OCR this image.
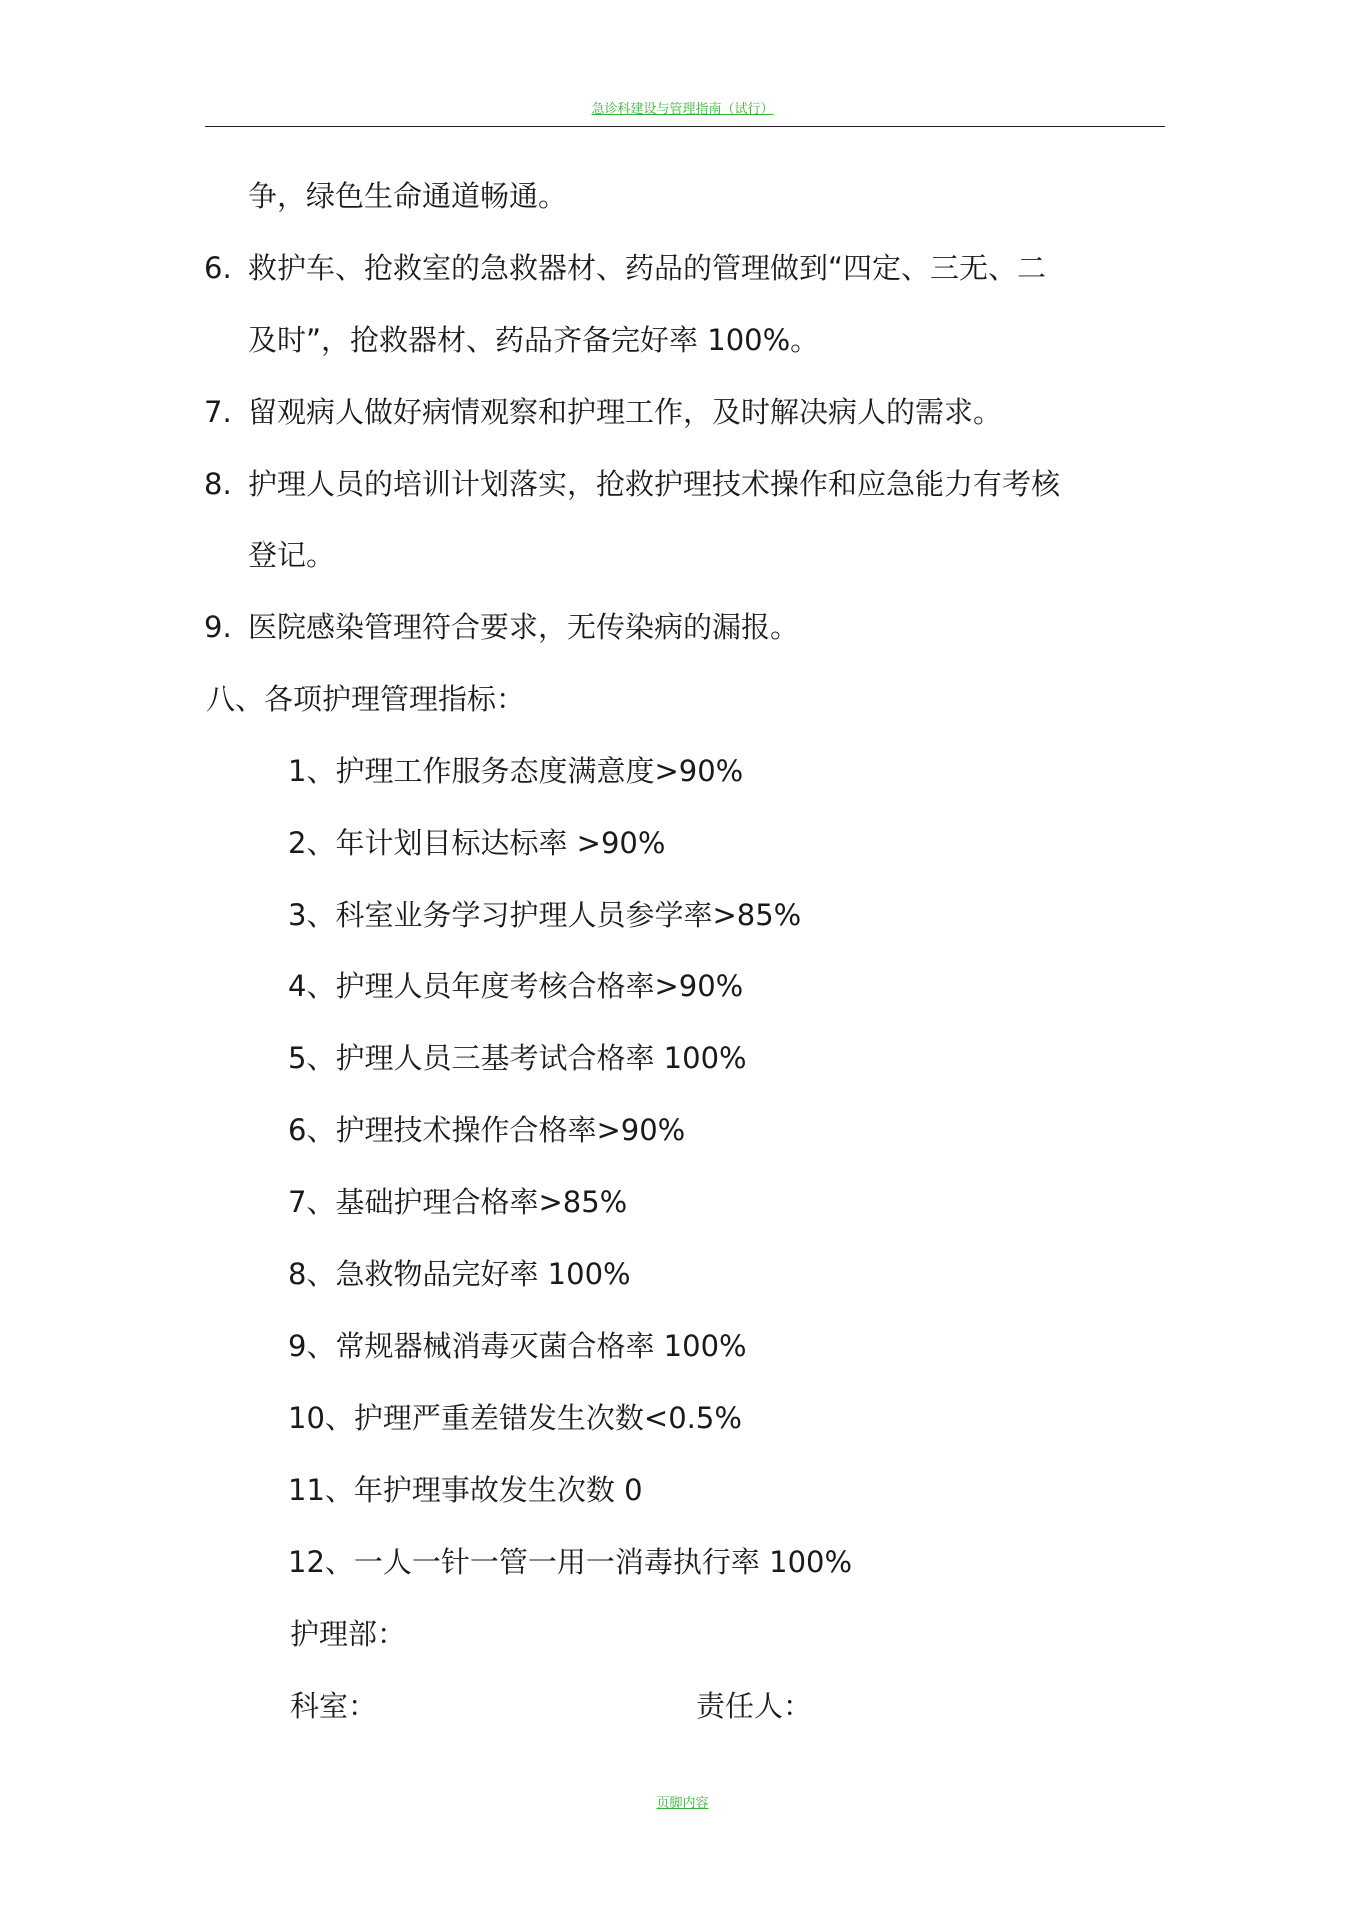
急诊科建设与管理指南（试行）
争，绿色生命通道畅通。
6. 救护车、抢救室的急救器材、药品的管理做到“四定、三无、二
及时”，抢救器材、药品齐备完好率 100%。
7. 留观病人做好病情观察和护理工作，及时解决病人的需求。
8. 护理人员的培训计划落实，抢救护理技术操作和应急能力有考核
登记。
9. 医院感染管理符合要求，无传染病的漏报。
八、各项护理管理指标：
1、护理工作服务态度满意度>90%
2、年计划目标达标率 >90%
3、科室业务学习护理人员参学率>85%
4、护理人员年度考核合格率>90%
5、护理人员三基考试合格率 100%
6、护理技术操作合格率>90%
7、基础护理合格率>85%
8、急救物品完好率 100%
9、常规器械消毒灭菌合格率 100%
10、护理严重差错发生次数<0.5%
11、年护理事故发生次数 0
12、一人一针一管一用一消毒执行率 100%
护理部：
科室：	责任人：
页脚内容
